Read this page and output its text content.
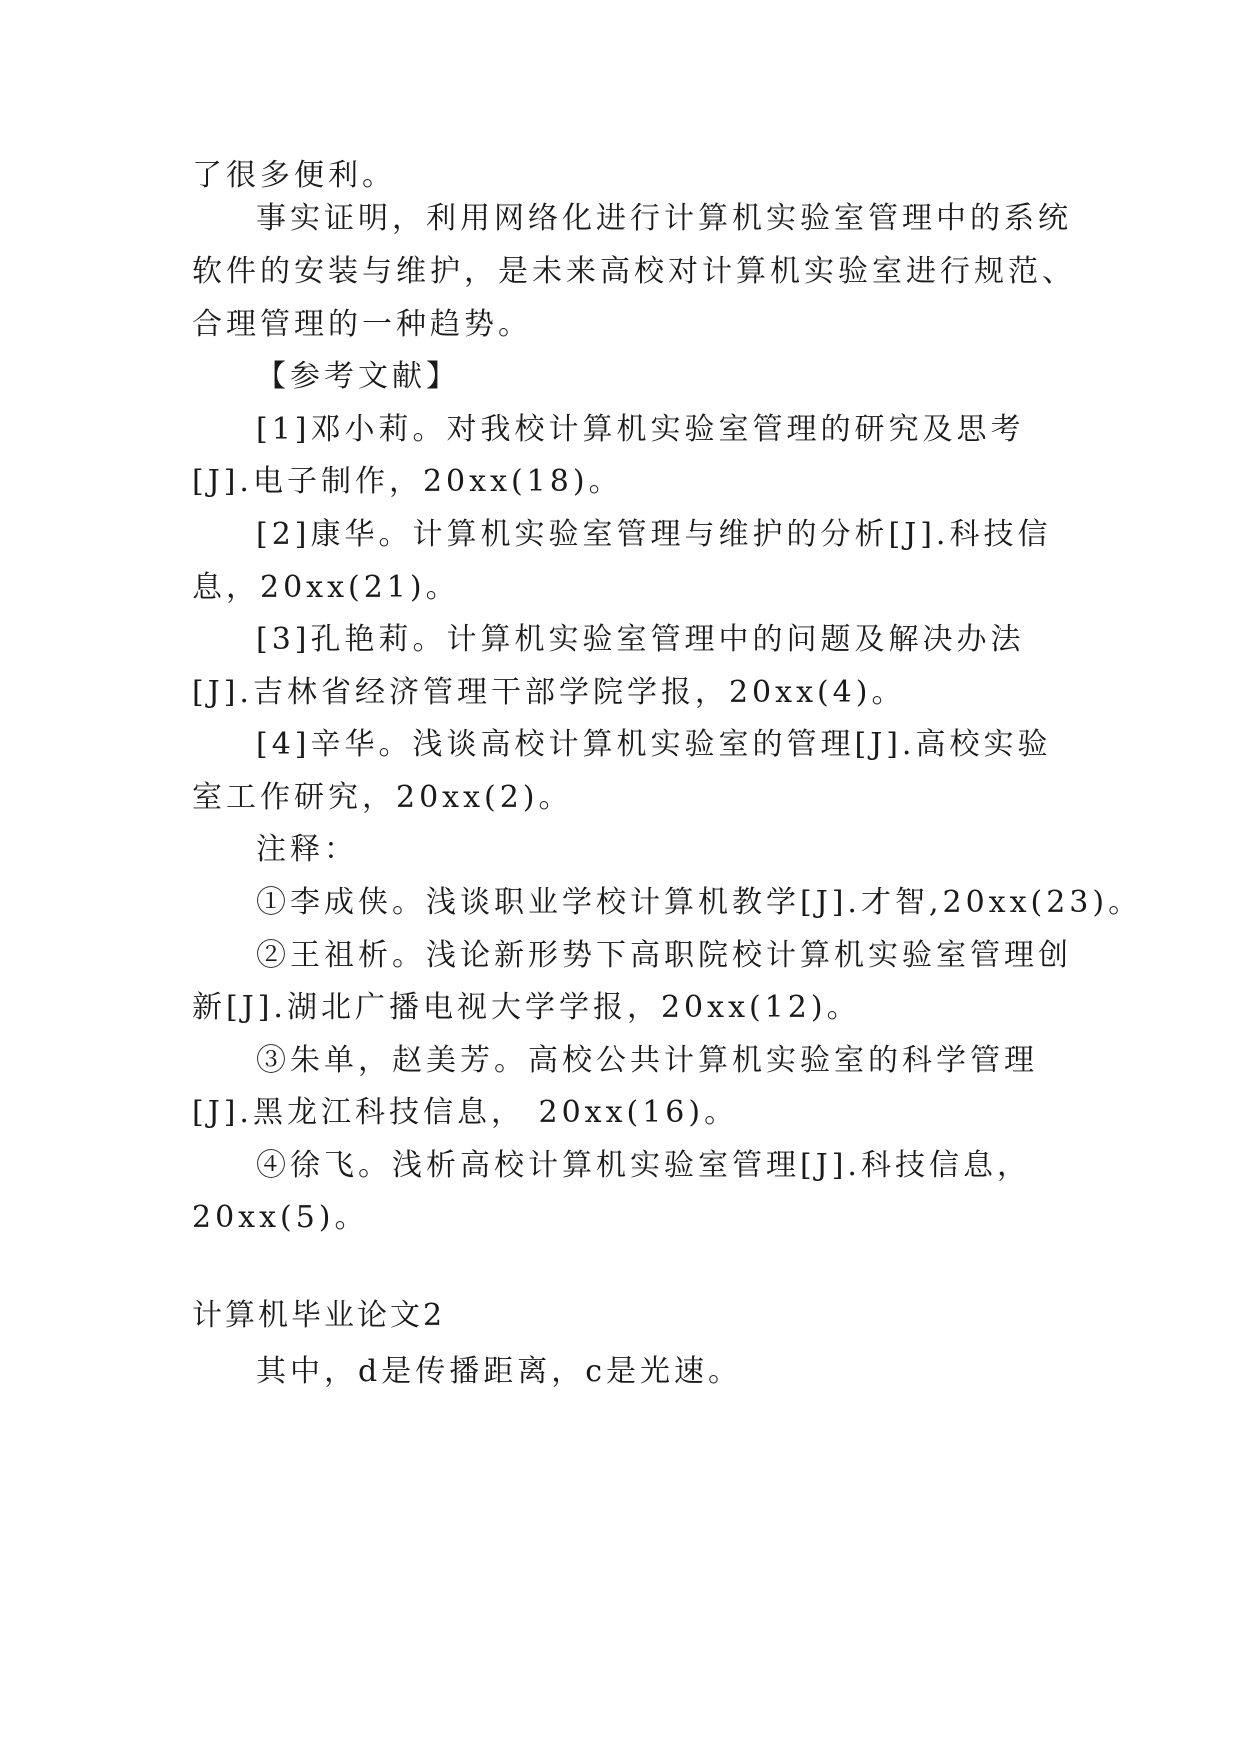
了很多便利。
事实证明，利用网络化进行计算机实验室管理中的系统
软件的安装与维护，是未来高校对计算机实验室进行规范、
合理管理的一种趋势。
【参考文献】
[1]邓小莉。对我校计算机实验室管理的研究及思考
[J].电子制作，20xx(18)。
[2]康华。计算机实验室管理与维护的分析[J].科技信
息，20xx(21)。
[3]孔艳莉。计算机实验室管理中的问题及解决办法
[J].吉林省经济管理干部学院学报，20xx(4)。
[4]辛华。浅谈高校计算机实验室的管理[J].高校实验
室工作研究，20xx(2)。
注释：
①李成侠。浅谈职业学校计算机教学[J].才智,20xx(23)。
②王祖析。浅论新形势下高职院校计算机实验室管理创
新[J].湖北广播电视大学学报，20xx(12)。
③朱单，赵美芳。高校公共计算机实验室的科学管理
[J].黑龙江科技信息， 20xx(16)。
④徐飞。浅析高校计算机实验室管理[J].科技信息，
20xx(5)。
计算机毕业论文2
其中，d是传播距离，c是光速。
